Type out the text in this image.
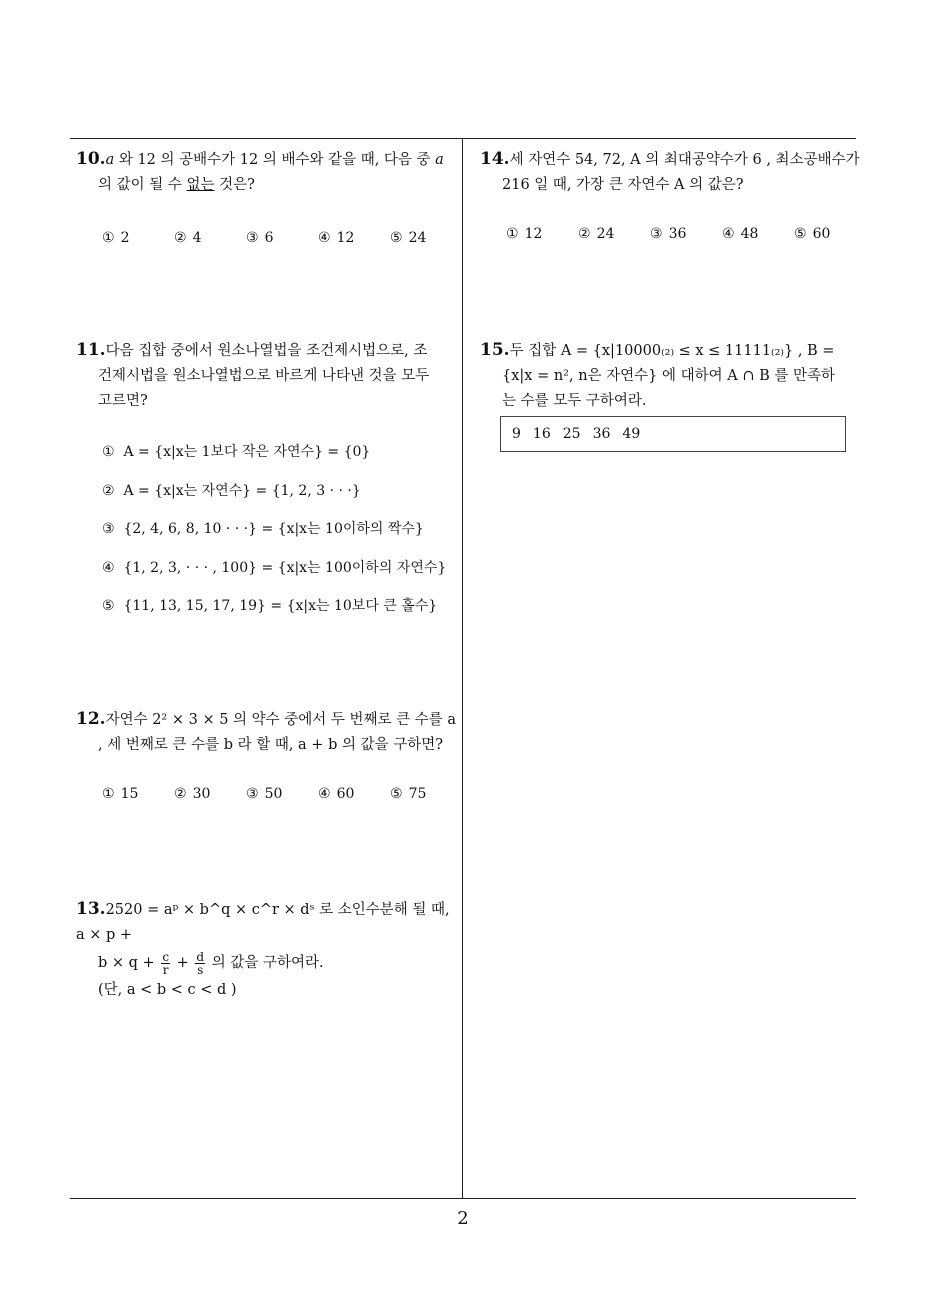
10.a 와 12 의 공배수가 12 의 배수와 같을 때, 다음 중 a
의 값이 될 수 없는 것은?
① 2	② 4	③ 6	④ 12	⑤ 24
11.다음 집합 중에서 원소나열법을 조건제시법으로, 조
건제시법을 원소나열법으로 바르게 나타낸 것을 모두
고르면?
① A = {x|x는 1보다 작은 자연수} = {0}
② A = {x|x는 자연수} = {1, 2, 3 · · ·}
③ {2, 4, 6, 8, 10 · · ·} = {x|x는 10이하의 짝수}
④ {1, 2, 3, · · · , 100} = {x|x는 100이하의 자연수}
⑤ {11, 13, 15, 17, 19} = {x|x는 10보다 큰 홀수}
12.자연수 2² × 3 × 5 의 약수 중에서 두 번째로 큰 수를 a
, 세 번째로 큰 수를 b 라 할 때, a + b 의 값을 구하면?
① 15	② 30	③ 50	④ 60	⑤ 75
13.2520 = aᵖ × b^q × c^r × dˢ 로 소인수분해 될 때, a × p +
$b \times q + \frac{c}{r} + \frac{d}{s}$ 의 값을 구하여라.
(단, a < b < c < d )
14.세 자연수 54, 72, A 의 최대공약수가 6 , 최소공배수가
216 일 때, 가장 큰 자연수 A 의 값은?
① 12	② 24	③ 36	④ 48	⑤ 60
15.두 집합 A = {x|10000₍₂₎ ≤ x ≤ 11111₍₂₎} , B =
{x|x = n², n은 자연수} 에 대하여 A ∩ B 를 만족하
는 수를 모두 구하여라.
9 16 25 36 49
2
